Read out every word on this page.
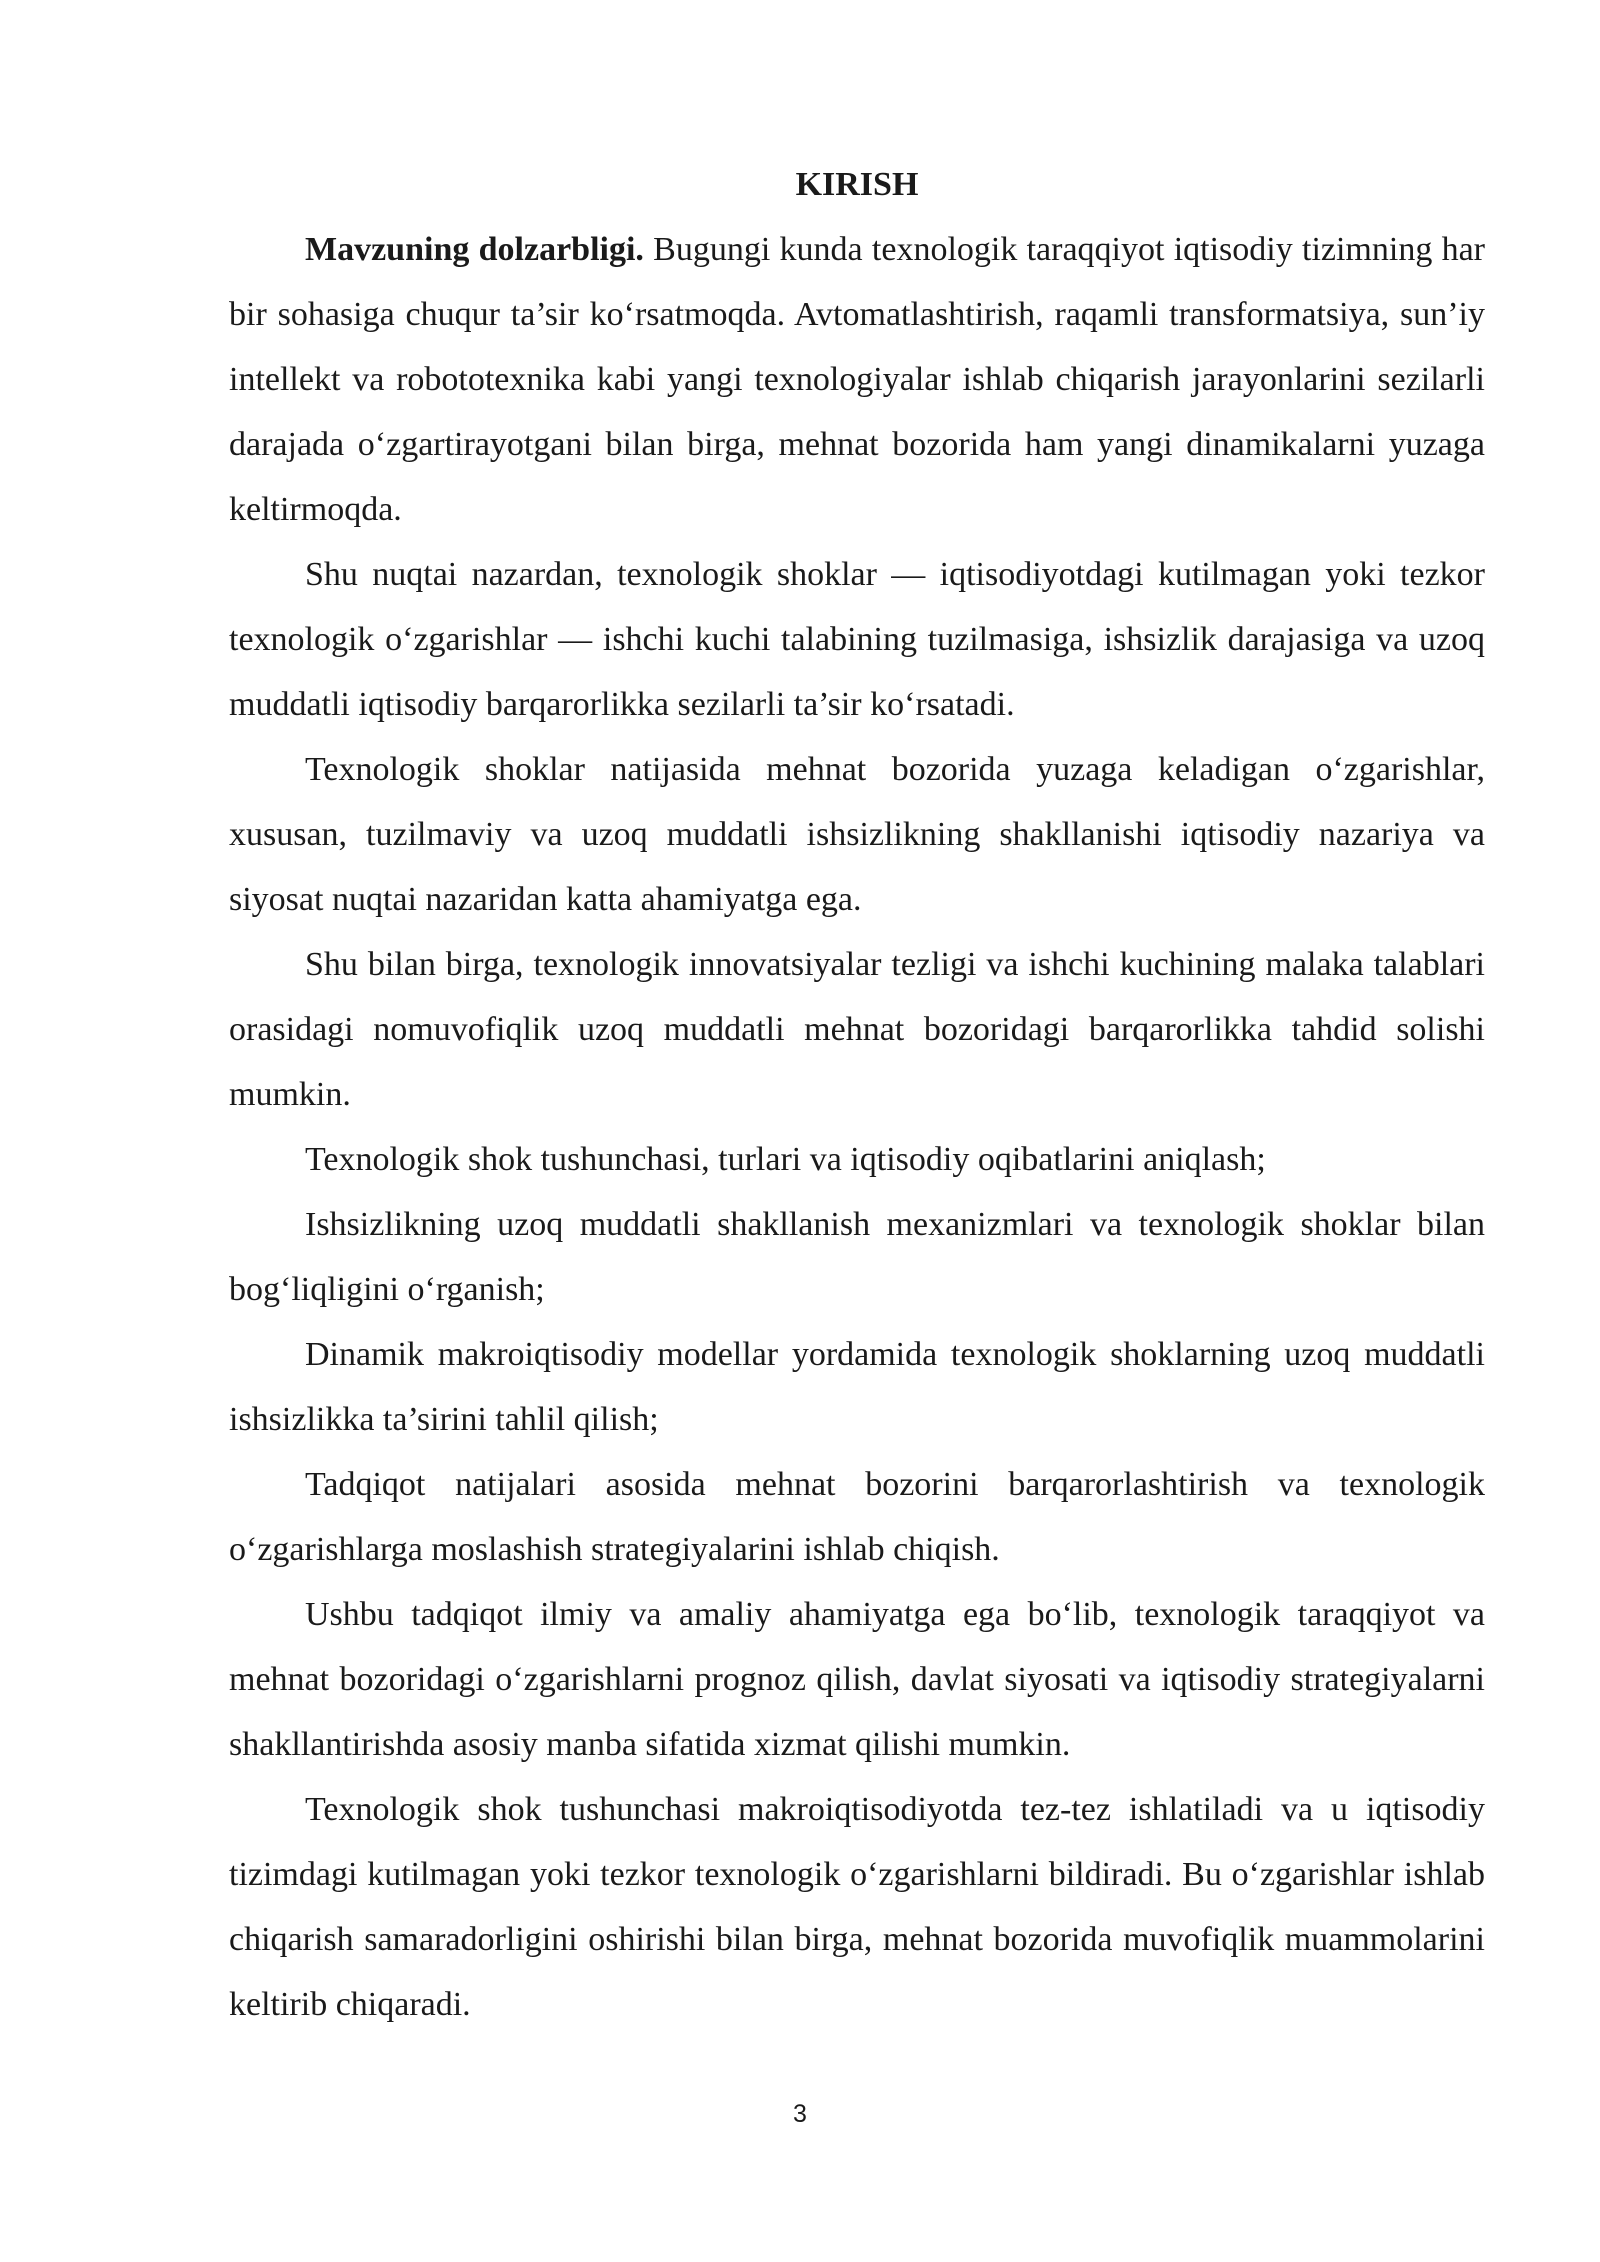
KIRISH

Mavzuning dolzarbligi. Bugungi kunda texnologik taraqqiyot iqtisodiy tizimning har bir sohasiga chuqur ta’sir ko‘rsatmoqda. Avtomatlashtirish, raqamli transformatsiya, sun’iy intellekt va robototexnika kabi yangi texnologiyalar ishlab chiqarish jarayonlarini sezilarli darajada o‘zgartirayotgani bilan birga, mehnat bozorida ham yangi dinamikalarni yuzaga keltirmoqda.

Shu nuqtai nazardan, texnologik shoklar — iqtisodiyotdagi kutilmagan yoki tezkor texnologik o‘zgarishlar — ishchi kuchi talabining tuzilmasiga, ishsizlik darajasiga va uzoq muddatli iqtisodiy barqarorlikka sezilarli ta’sir ko‘rsatadi.

Texnologik shoklar natijasida mehnat bozorida yuzaga keladigan o‘zgarishlar, xususan, tuzilmaviy va uzoq muddatli ishsizlikning shakllanishi iqtisodiy nazariya va siyosat nuqtai nazaridan katta ahamiyatga ega.

Shu bilan birga, texnologik innovatsiyalar tezligi va ishchi kuchining malaka talablari orasidagi nomuvofiqlik uzoq muddatli mehnat bozoridagi barqarorlikka tahdid solishi mumkin.

Texnologik shok tushunchasi, turlari va iqtisodiy oqibatlarini aniqlash;

Ishsizlikning uzoq muddatli shakllanish mexanizmlari va texnologik shoklar bilan bog‘liqligini o‘rganish;

Dinamik makroiqtisodiy modellar yordamida texnologik shoklarning uzoq muddatli ishsizlikka ta’sirini tahlil qilish;

Tadqiqot natijalari asosida mehnat bozorini barqarorlashtirish va texnologik o‘zgarishlarga moslashish strategiyalarini ishlab chiqish.

Ushbu tadqiqot ilmiy va amaliy ahamiyatga ega bo‘lib, texnologik taraqqiyot va mehnat bozoridagi o‘zgarishlarni prognoz qilish, davlat siyosati va iqtisodiy strategiyalarni shakllantirishda asosiy manba sifatida xizmat qilishi mumkin.

Texnologik shok tushunchasi makroiqtisodiyotda tez-tez ishlatiladi va u iqtisodiy tizimdagi kutilmagan yoki tezkor texnologik o‘zgarishlarni bildiradi. Bu o‘zgarishlar ishlab chiqarish samaradorligini oshirishi bilan birga, mehnat bozorida muvofiqlik muammolarini keltirib chiqaradi.

3
